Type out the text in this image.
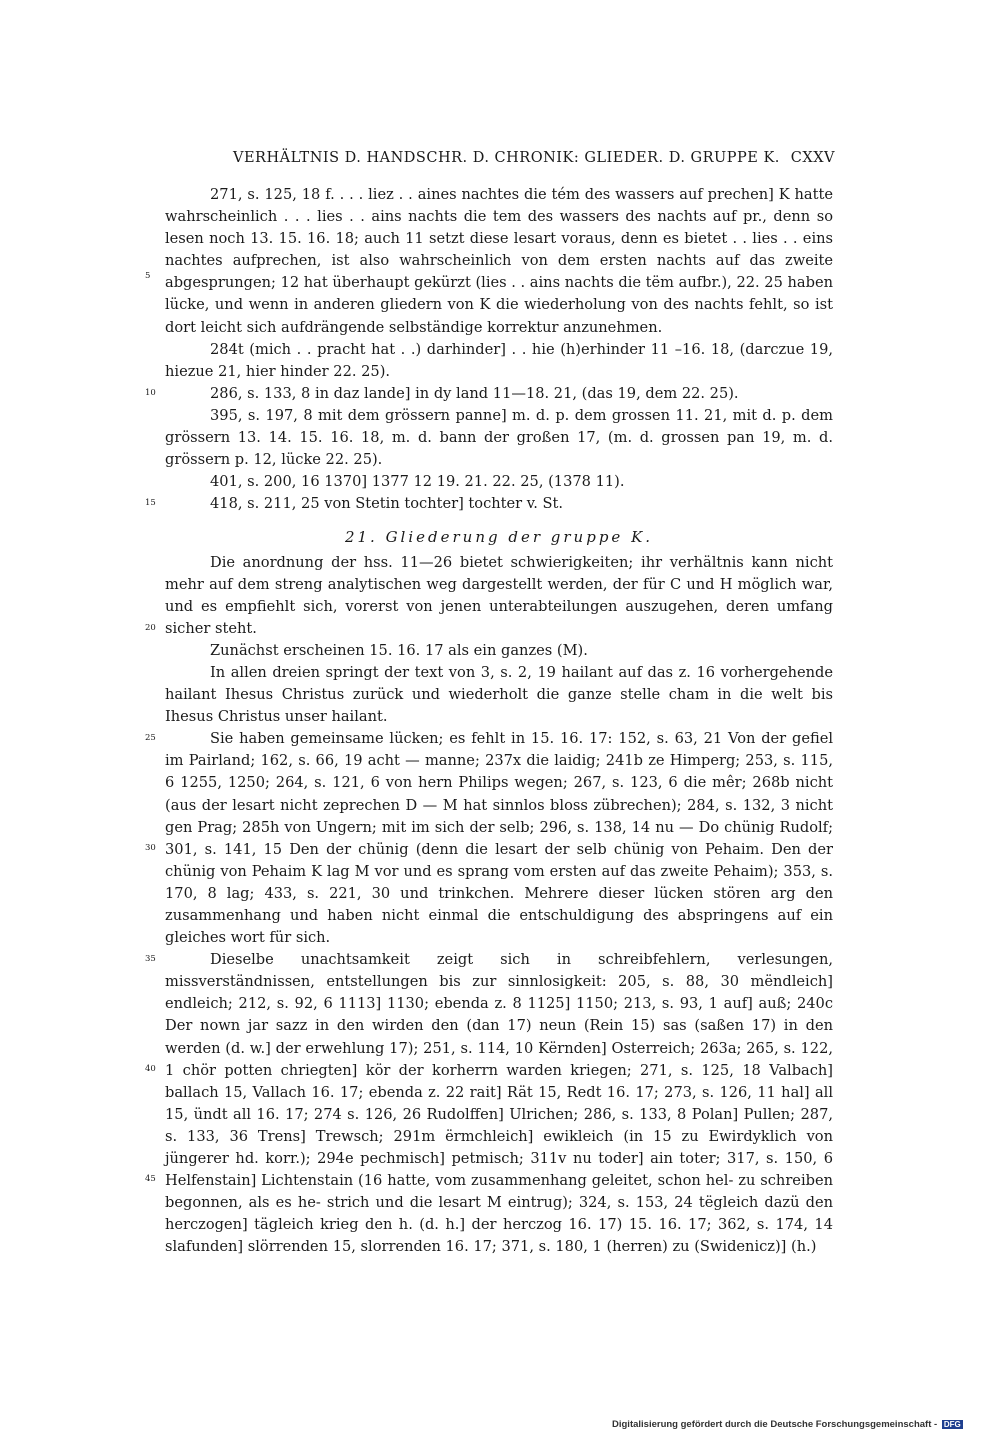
VERHÄLTNIS D. HANDSCHR. D. CHRONIK: GLIEDER. D. GRUPPE K. CXXV

271, s. 125, 18 f. . . . liez . . aines nachtes die tém des wassers auf prechen] K hatte wahrscheinlich . . . lies . . ains nachts die tem des wassers des nachts auf pr., denn so lesen noch 13. 15. 16. 18; auch 11 setzt diese lesart voraus, denn es bietet . . lies . . eins nachtes aufprechen, ist also wahrscheinlich von dem ersten nachts auf das zweite abgesprungen; 12 hat überhaupt gekürzt (lies . . ains nachts die tëm aufbr.), 22. 25 haben lücke, und wenn in anderen gliedern von K die wiederholung von des nachts fehlt, so ist dort leicht sich aufdrängende selbständige korrektur anzunehmen.

5

284t (mich . . pracht hat . .) darhinder] . . hie (h)erhinder 11 –16. 18, (darczue 19, hiezue 21, hier hinder 22. 25).

286, s. 133, 8 in daz lande] in dy land 11—18. 21, (das 19, dem 22. 25).

10

395, s. 197, 8 mit dem grössern panne] m. d. p. dem grossen 11. 21, mit d. p. dem grössern 13. 14. 15. 16. 18, m. d. bann der großen 17, (m. d. grossen pan 19, m. d. grössern p. 12, lücke 22. 25).

401, s. 200, 16 1370] 1377 12 19. 21. 22. 25, (1378 11).

418, s. 211, 25 von Stetin tochter] tochter v. St.

15

21. Gliederung der gruppe K.

Die anordnung der hss. 11—26 bietet schwierigkeiten; ihr verhältnis kann nicht mehr auf dem streng analytischen weg dargestellt werden, der für C und H möglich war, und es empfiehlt sich, vorerst von jenen unterabteilungen auszugehen, deren umfang sicher steht.

20

Zunächst erscheinen 15. 16. 17 als ein ganzes (M).

In allen dreien springt der text von 3, s. 2, 19 hailant auf das z. 16 vorhergehende hailant Ihesus Christus zurück und wiederholt die ganze stelle cham in die welt bis Ihesus Christus unser hailant.

Sie haben gemeinsame lücken; es fehlt in 15. 16. 17: 152, s. 63, 21 Von der gefiel im Pairland; 162, s. 66, 19 acht — manne; 237x die laidig; 241b ze Himperg; 253, s. 115, 6 1255, 1250; 264, s. 121, 6 von hern Philips wegen; 267, s. 123, 6 die mêr; 268b nicht (aus der lesart nicht zeprechen D — M hat sinnlos bloss zübrechen); 284, s. 132, 3 nicht gen Prag; 285h von Ungern; mit im sich der selb; 296, s. 138, 14 nu — Do chünig Rudolf; 301, s. 141, 15 Den der chünig (denn die lesart der selb chünig von Pehaim. Den der chünig von Pehaim K lag M vor und es sprang vom ersten auf das zweite Pehaim); 353, s. 170, 8 lag; 433, s. 221, 30 und trinkchen. Mehrere dieser lücken stören arg den zusammenhang und haben nicht einmal die entschuldigung des abspringens auf ein gleiches wort für sich.

25
30

Dieselbe unachtsamkeit zeigt sich in schreibfehlern, verlesungen, missverständnissen, entstellungen bis zur sinnlosigkeit: 205, s. 88, 30 mëndleich] endleich; 212, s. 92, 6 1113] 1130; ebenda z. 8 1125] 1150; 213, s. 93, 1 auf] auß; 240c Der nown jar sazz in den wirden den (dan 17) neun (Rein 15) sas (saßen 17) in den werden (d. w.] der erwehlung 17); 251, s. 114, 10 Kërnden] Osterreich; 263a; 265, s. 122, 1 chör potten chriegten] kör der korherrn warden kriegen; 271, s. 125, 18 Valbach] ballach 15, Vallach 16. 17; ebenda z. 22 rait] Rät 15, Redt 16. 17; 273, s. 126, 11 hal] all 15, ündt all 16. 17; 274 s. 126, 26 Rudolffen] Ulrichen; 286, s. 133, 8 Polan] Pullen; 287, s. 133, 36 Trens] Trewsch; 291m ërmchleich] ewikleich (in 15 zu Ewirdyklich von jüngerer hd. korr.); 294e pechmisch] petmisch; 311v nu toder] ain toter; 317, s. 150, 6 Helfenstain] Lichtenstain (16 hatte, vom zusammenhang geleitet, schon hel- zu schreiben begonnen, als es he- strich und die lesart M eintrug); 324, s. 153, 24 tëgleich dazü den herczogen] tägleich krieg den h. (d. h.] der herczog 16. 17) 15. 16. 17; 362, s. 174, 14 slafunden] slörrenden 15, slorrenden 16. 17; 371, s. 180, 1 (herren) zu (Swidenicz)] (h.)

35
40
45
Digitalisierung gefördert durch die Deutsche Forschungsgemeinschaft - DFG
